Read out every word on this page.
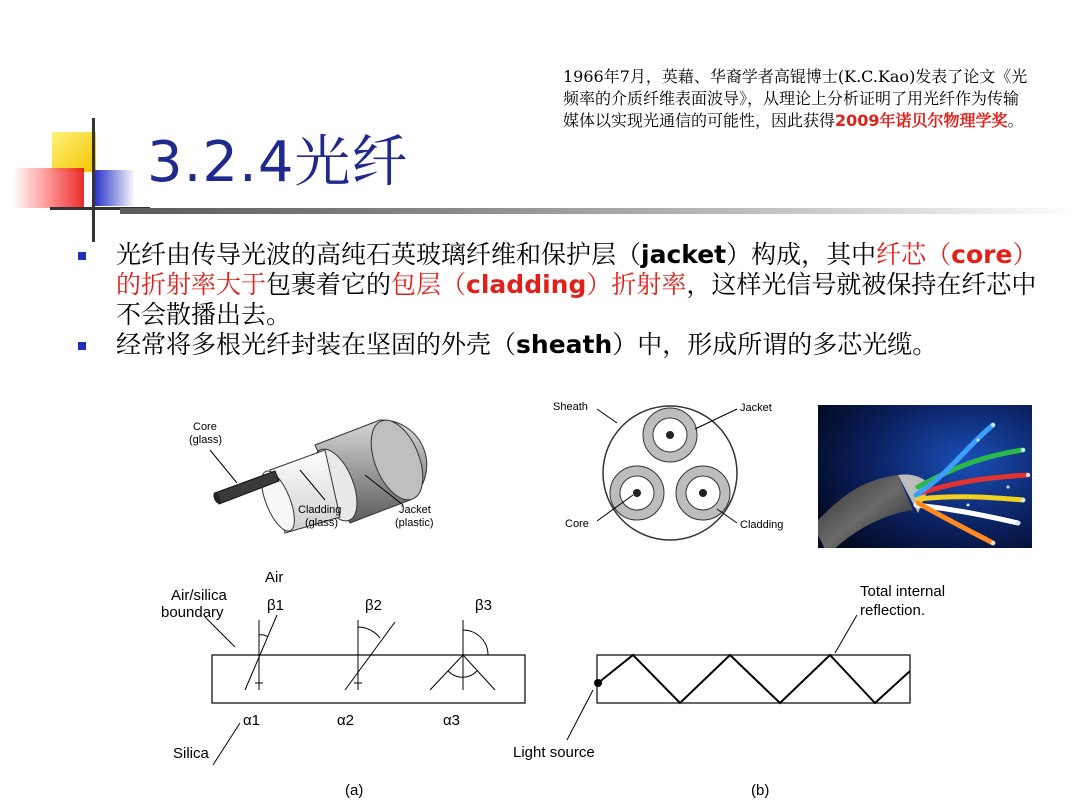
3.2.4光纤
1966年7月，英藉、华裔学者高锟博士(K.C.Kao)发表了论文《光频率的介质纤维表面波导》，从理论上分析证明了用光纤作为传输媒体以实现光通信的可能性，因此获得2009年诺贝尔物理学奖。
光纤由传导光波的高纯石英玻璃纤维和保护层（jacket）构成，其中纤芯（core）的折射率大于包裹着它的包层（cladding）折射率，这样光信号就被保持在纤芯中不会散播出去。
经常将多根光纤封装在坚固的外壳（sheath）中，形成所谓的多芯光缆。
Core
(glass)
Cladding
(glass)
Jacket
(plastic)
Sheath	Jacket
Core	Cladding
Air
Air/silica
boundary	β1	β2	β3
α1	α2	α3
Silica
(a)
Total internal
reflection.
Light source
(b)
